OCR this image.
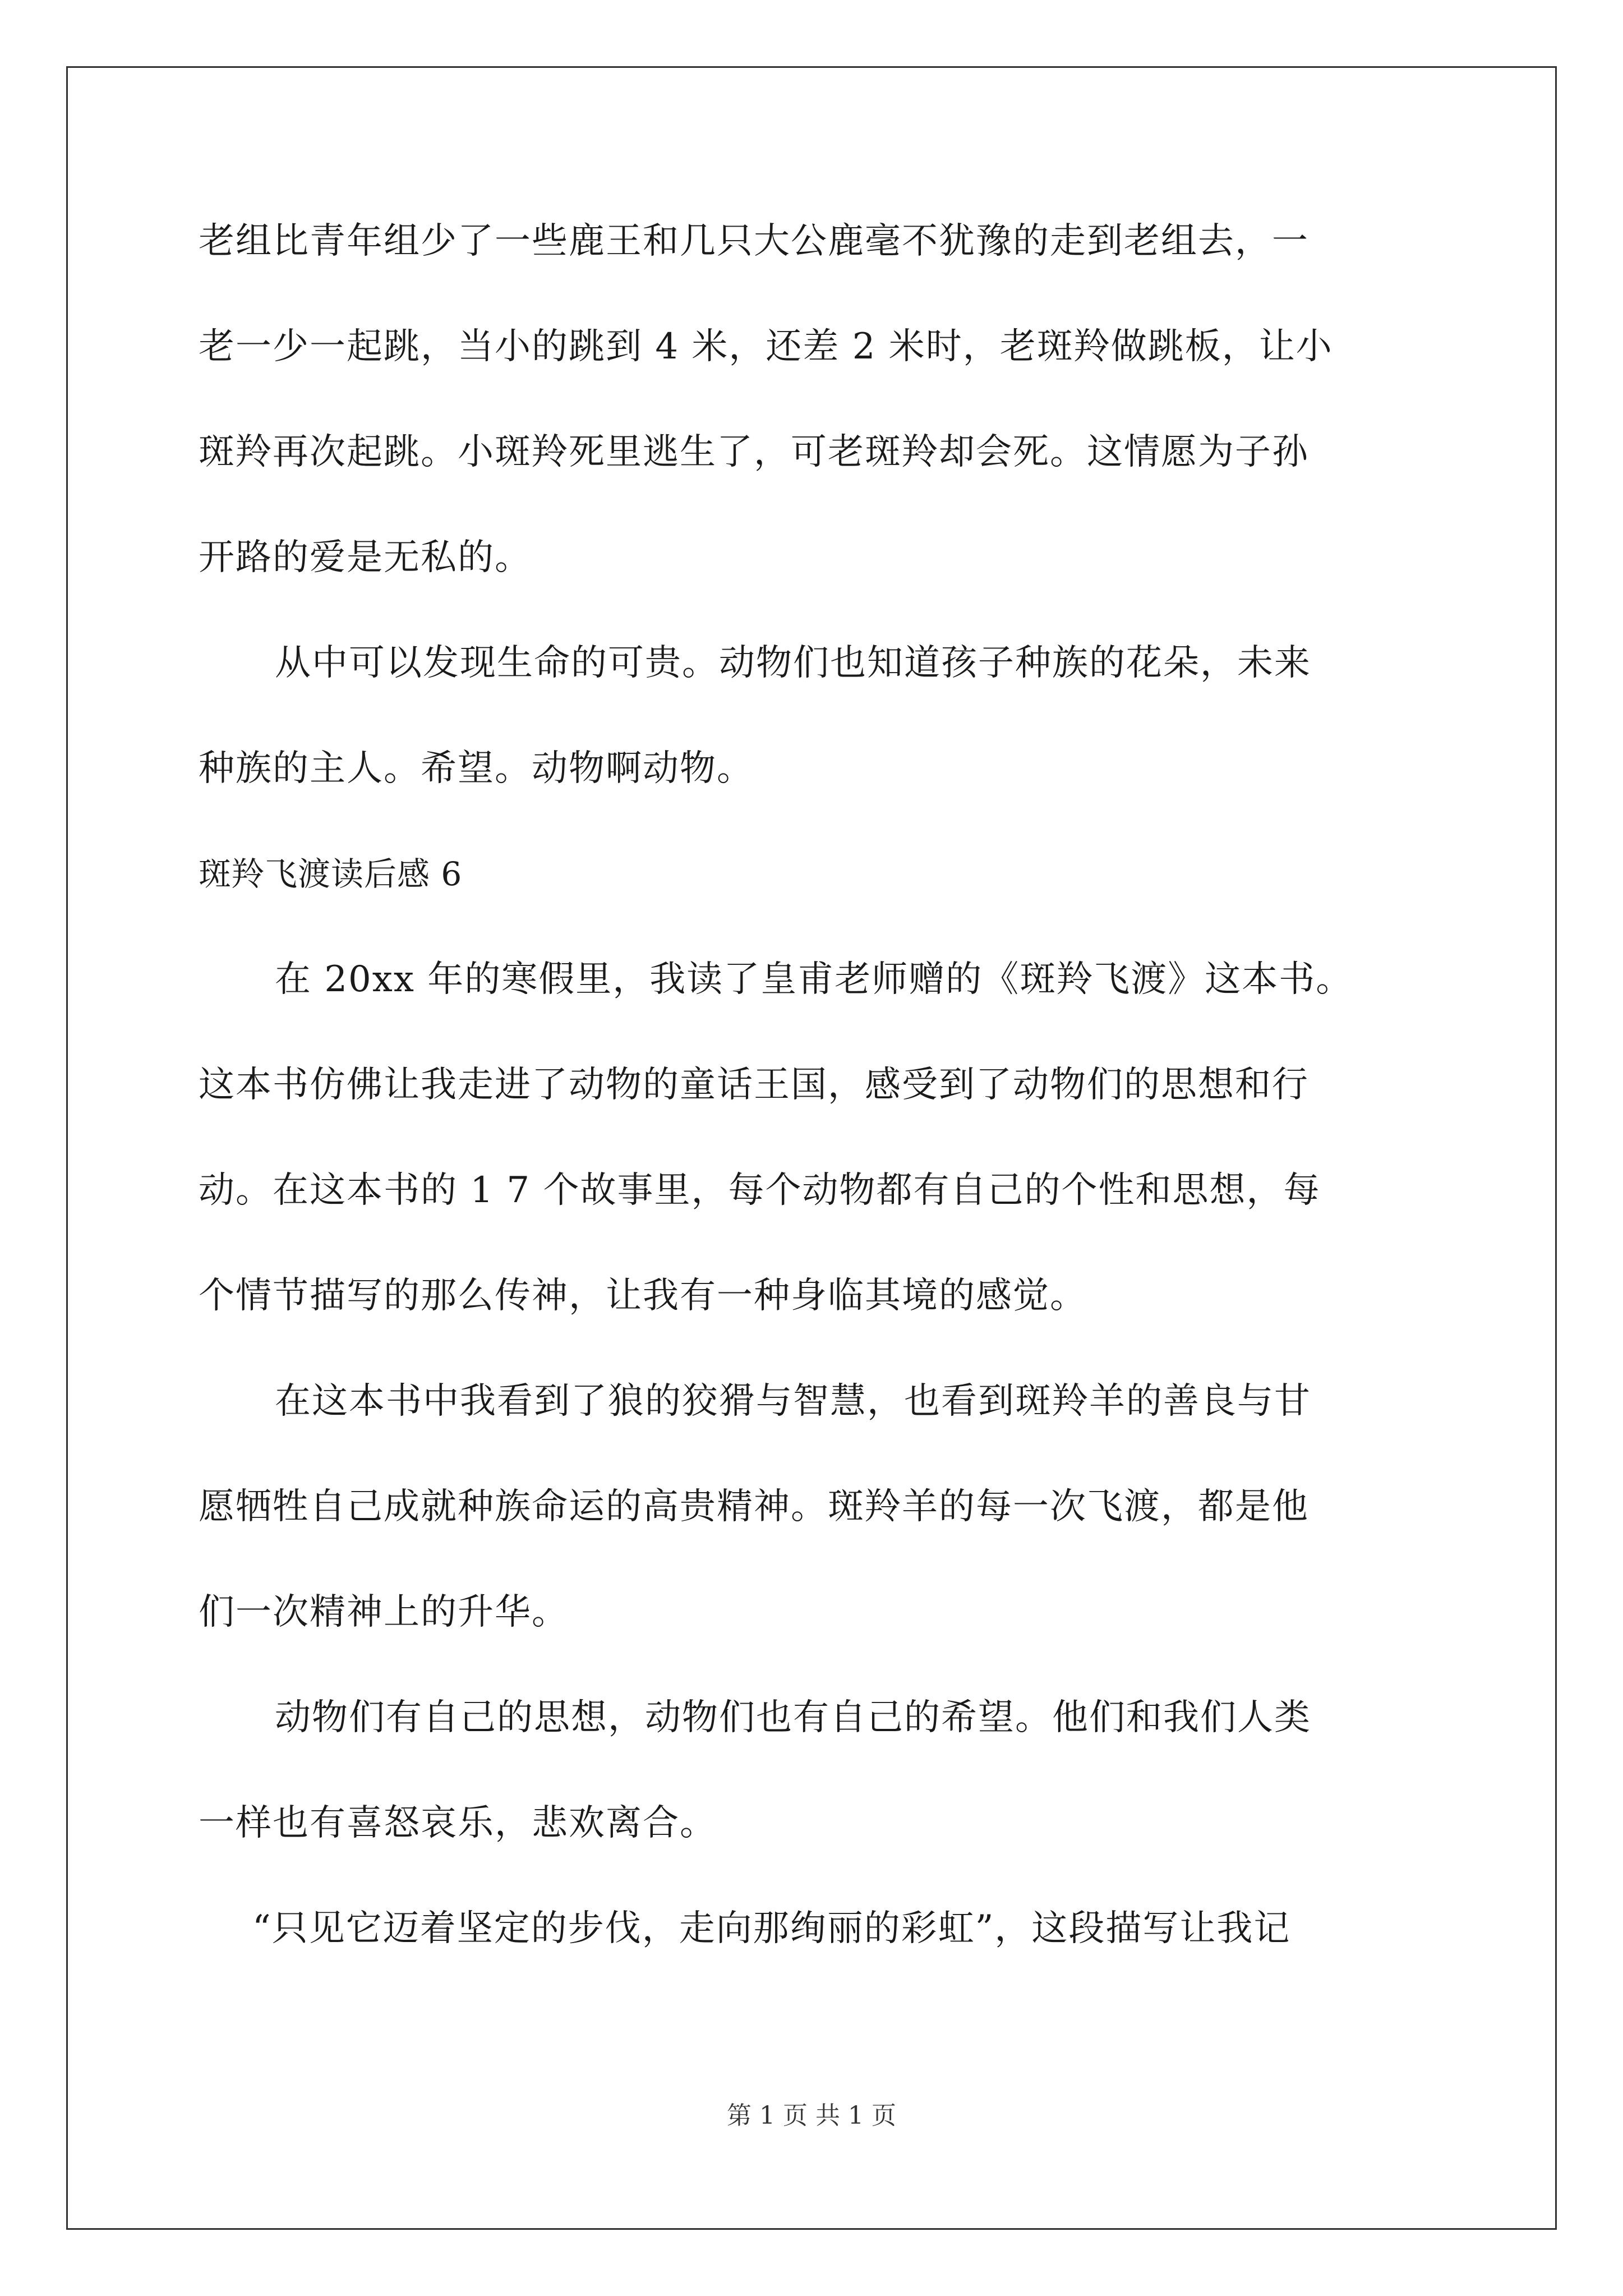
老组比青年组少了一些鹿王和几只大公鹿毫不犹豫的走到老组去，一
老一少一起跳，当小的跳到 4 米，还差 2 米时，老斑羚做跳板，让小
斑羚再次起跳。小斑羚死里逃生了，可老斑羚却会死。这情愿为子孙
开路的爱是无私的。
从中可以发现生命的可贵。动物们也知道孩子种族的花朵，未来
种族的主人。希望。动物啊动物。
斑羚飞渡读后感 6
在 20xx 年的寒假里，我读了皇甫老师赠的《斑羚飞渡》这本书。
这本书仿佛让我走进了动物的童话王国，感受到了动物们的思想和行
动。在这本书的 1 7 个故事里，每个动物都有自己的个性和思想，每
个情节描写的那么传神，让我有一种身临其境的感觉。
在这本书中我看到了狼的狡猾与智慧，也看到斑羚羊的善良与甘
愿牺牲自己成就种族命运的高贵精神。斑羚羊的每一次飞渡，都是他
们一次精神上的升华。
动物们有自己的思想，动物们也有自己的希望。他们和我们人类
一样也有喜怒哀乐，悲欢离合。
“只见它迈着坚定的步伐，走向那绚丽的彩虹”，这段描写让我记
第 1 页 共 1 页
